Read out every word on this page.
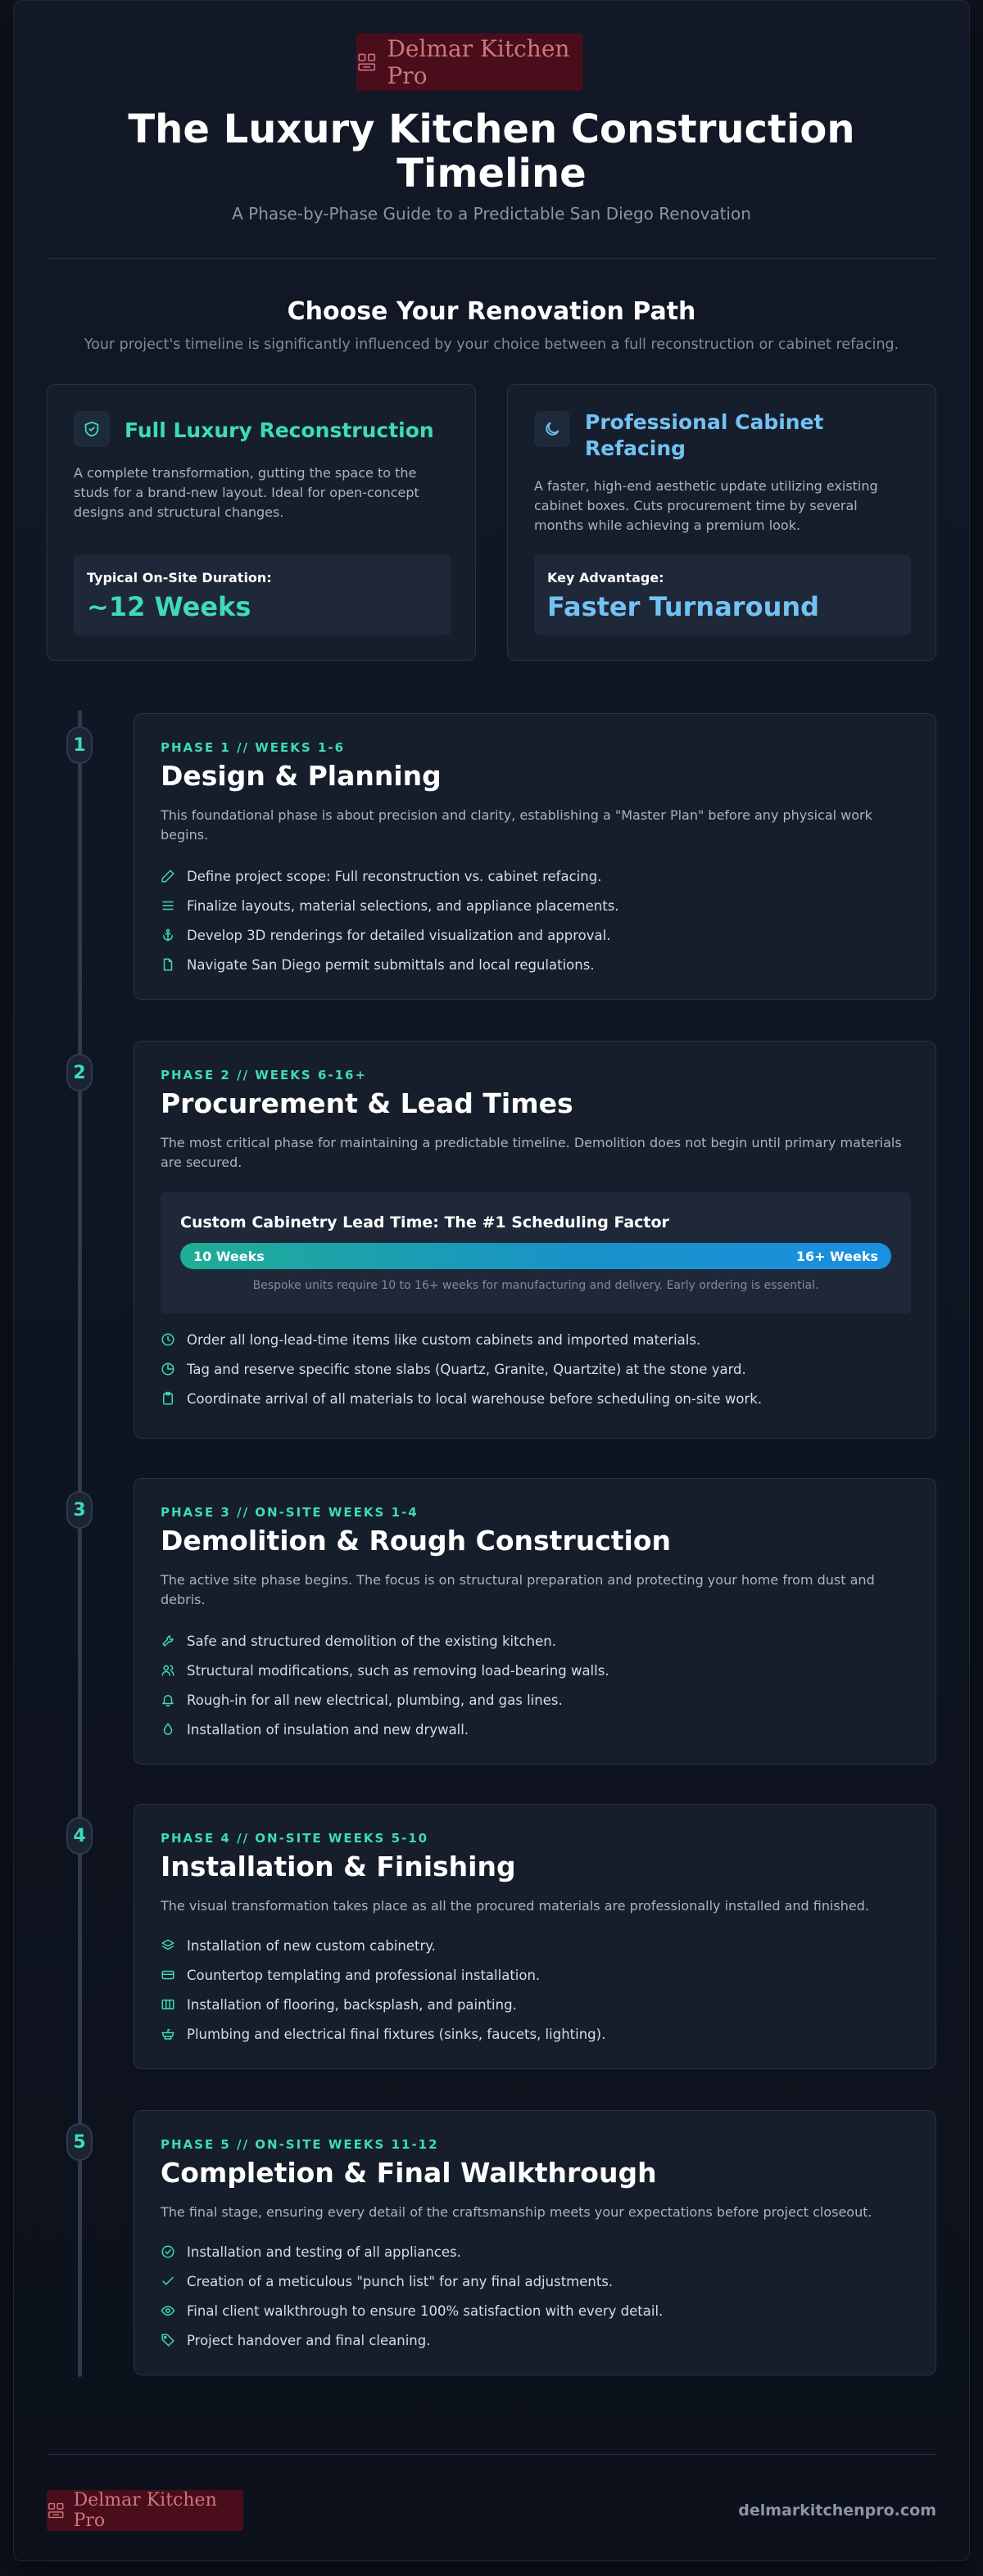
Delmar Kitchen Pro
The Luxury Kitchen Construction Timeline
A Phase-by-Phase Guide to a Predictable San Diego Renovation
Choose Your Renovation Path
Your project's timeline is significantly influenced by your choice between a full reconstruction or cabinet refacing.
Full Luxury Reconstruction
A complete transformation, gutting the space to the studs for a brand-new layout. Ideal for open-concept designs and structural changes.
Typical On-Site Duration:
~12 Weeks
Professional Cabinet Refacing
A faster, high-end aesthetic update utilizing existing cabinet boxes. Cuts procurement time by several months while achieving a premium look.
Key Advantage:
Faster Turnaround
1
2
3
4
5
PHASE 1 // WEEKS 1-6
Design & Planning
This foundational phase is about precision and clarity, establishing a "Master Plan" before any physical work begins.
Define project scope: Full reconstruction vs. cabinet refacing.
Finalize layouts, material selections, and appliance placements.
Develop 3D renderings for detailed visualization and approval.
Navigate San Diego permit submittals and local regulations.
PHASE 2 // WEEKS 6-16+
Procurement & Lead Times
The most critical phase for maintaining a predictable timeline. Demolition does not begin until primary materials are secured.
Custom Cabinetry Lead Time: The #1 Scheduling Factor
10 Weeks	16+ Weeks
Bespoke units require 10 to 16+ weeks for manufacturing and delivery. Early ordering is essential.
Order all long-lead-time items like custom cabinets and imported materials.
Tag and reserve specific stone slabs (Quartz, Granite, Quartzite) at the stone yard.
Coordinate arrival of all materials to local warehouse before scheduling on-site work.
PHASE 3 // ON-SITE WEEKS 1-4
Demolition & Rough Construction
The active site phase begins. The focus is on structural preparation and protecting your home from dust and debris.
Safe and structured demolition of the existing kitchen.
Structural modifications, such as removing load-bearing walls.
Rough-in for all new electrical, plumbing, and gas lines.
Installation of insulation and new drywall.
PHASE 4 // ON-SITE WEEKS 5-10
Installation & Finishing
The visual transformation takes place as all the procured materials are professionally installed and finished.
Installation of new custom cabinetry.
Countertop templating and professional installation.
Installation of flooring, backsplash, and painting.
Plumbing and electrical final fixtures (sinks, faucets, lighting).
PHASE 5 // ON-SITE WEEKS 11-12
Completion & Final Walkthrough
The final stage, ensuring every detail of the craftsmanship meets your expectations before project closeout.
Installation and testing of all appliances.
Creation of a meticulous "punch list" for any final adjustments.
Final client walkthrough to ensure 100% satisfaction with every detail.
Project handover and final cleaning.
Delmar Kitchen Pro	delmarkitchenpro.com
